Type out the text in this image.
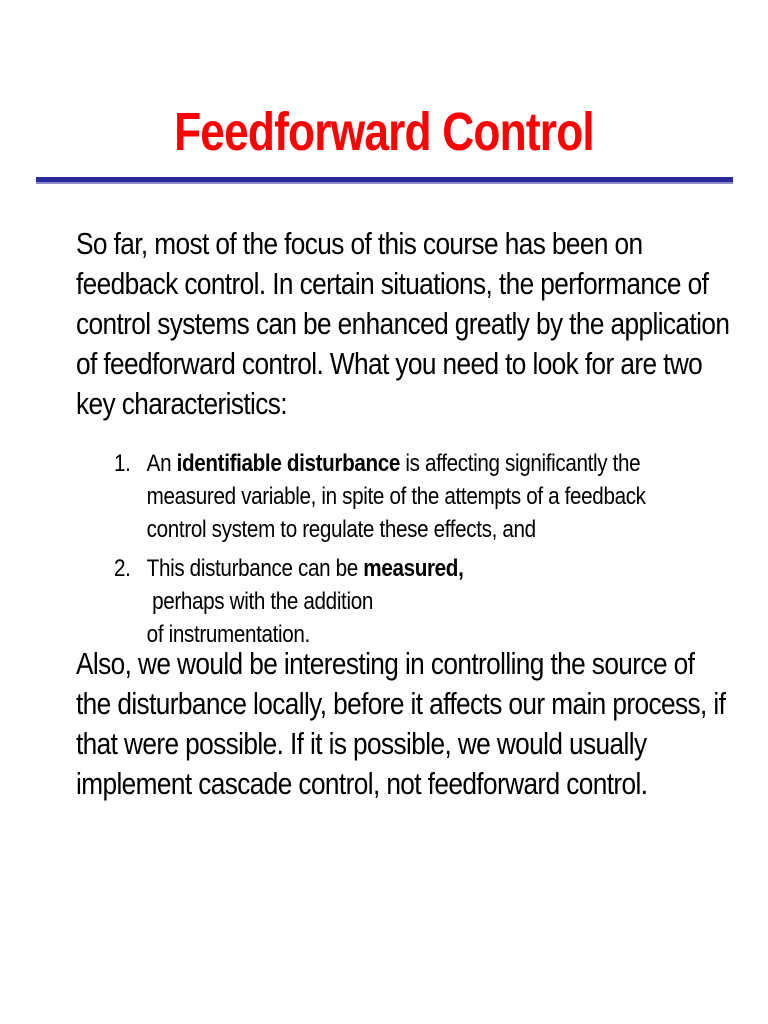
Feedforward Control
So far, most of the focus of this course has been on
feedback control. In certain situations, the performance of
control systems can be enhanced greatly by the application
of feedforward control. What you need to look for are two
key characteristics:
1. An identifiable disturbance is affecting significantly the
measured variable, in spite of the attempts of a feedback
control system to regulate these effects, and
2. This disturbance can be measured, perhaps with the addition
of instrumentation.
Also, we would be interesting in controlling the source of
the disturbance locally, before it affects our main process, if
that were possible. If it is possible, we would usually
implement cascade control, not feedforward control.
